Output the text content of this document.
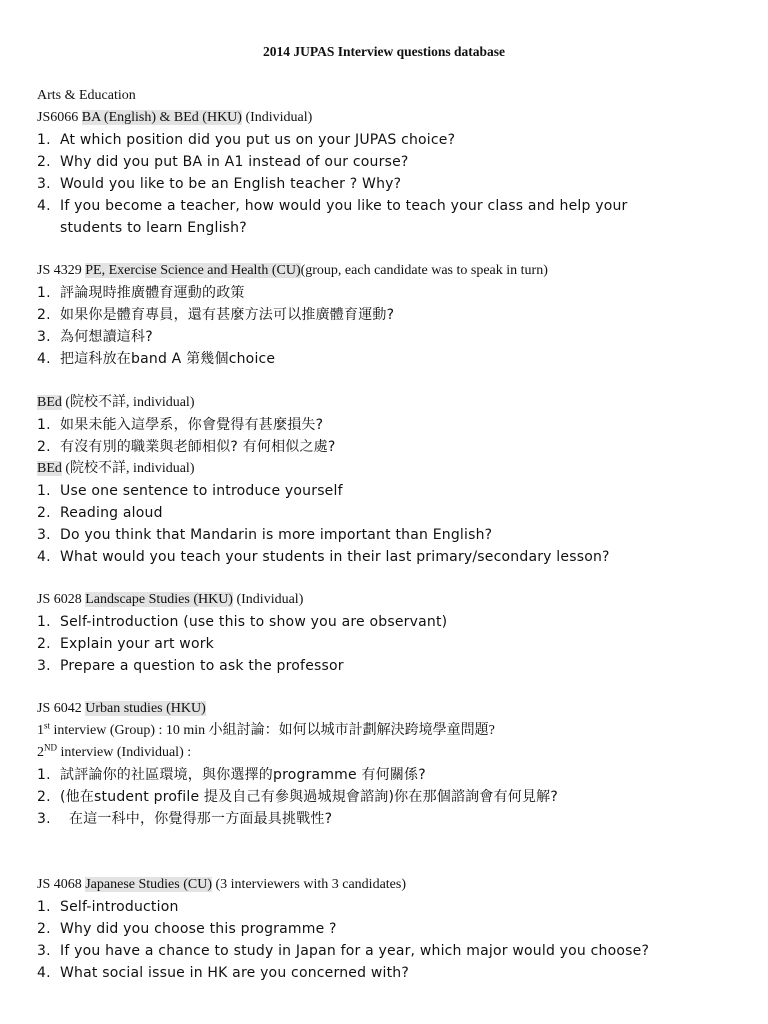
2014 JUPAS Interview questions database
Arts & Education
JS6066 BA (English) & BEd (HKU) (Individual)
1. At which position did you put us on your JUPAS choice?
2. Why did you put BA in A1 instead of our course?
3. Would you like to be an English teacher ? Why?
4. If you become a teacher, how would you like to teach your class and help your
students to learn English?
JS 4329 PE, Exercise Science and Health (CU)(group, each candidate was to speak in turn)
1. 評論現時推廣體育運動的政策
2. 如果你是體育專員，還有甚麼方法可以推廣體育運動?
3. 為何想讀這科?
4. 把這科放在band A 第幾個choice
BEd (院校不詳, individual)
1. 如果未能入這學系，你會覺得有甚麼損失?
2. 有沒有別的職業與老師相似? 有何相似之處?
BEd (院校不詳, individual)
1. Use one sentence to introduce yourself
2. Reading aloud
3. Do you think that Mandarin is more important than English?
4. What would you teach your students in their last primary/secondary lesson?
JS 6028 Landscape Studies (HKU) (Individual)
1. Self-introduction (use this to show you are observant)
2. Explain your art work
3. Prepare a question to ask the professor
JS 6042 Urban studies (HKU)
1st interview (Group) : 10 min 小組討論：如何以城市計劃解決跨境學童問題?
2ND interview (Individual) :
1. 試評論你的社區環境，與你選擇的programme 有何關係?
2. (他在student profile 提及自己有參與過城規會諮詢)你在那個諮詢會有何見解?
3. 在這一科中，你覺得那一方面最具挑戰性?
JS 4068 Japanese Studies (CU) (3 interviewers with 3 candidates)
1. Self-introduction
2. Why did you choose this programme ?
3. If you have a chance to study in Japan for a year, which major would you choose?
4. What social issue in HK are you concerned with?
